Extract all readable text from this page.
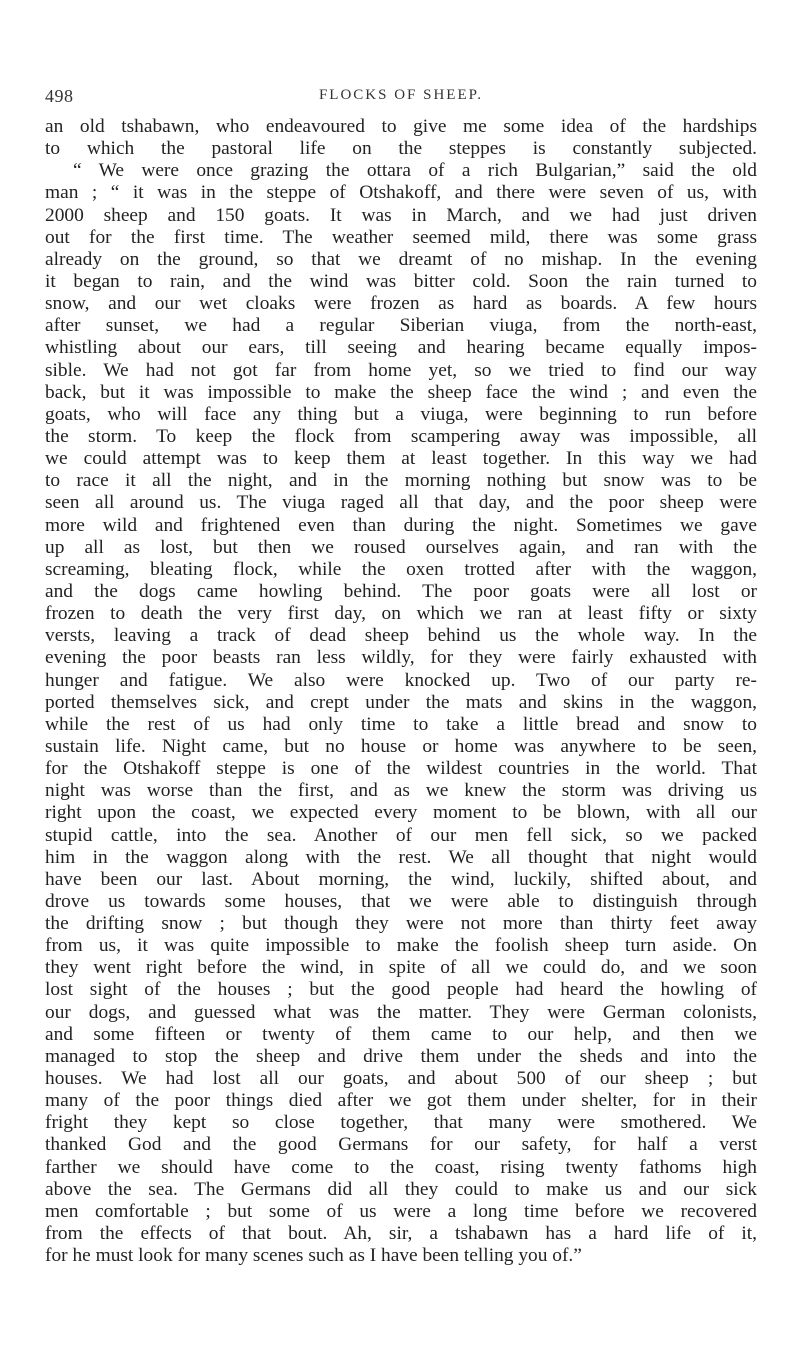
498	FLOCKS OF SHEEP.
an old tshabawn, who endeavoured to give me some idea of the hardships
to which the pastoral life on the steppes is constantly subjected.
“ We were once grazing the ottara of a rich Bulgarian,” said the old
man ; “ it was in the steppe of Otshakoff, and there were seven of us, with
2000 sheep and 150 goats. It was in March, and we had just driven
out for the first time. The weather seemed mild, there was some grass
already on the ground, so that we dreamt of no mishap. In the evening
it began to rain, and the wind was bitter cold. Soon the rain turned to
snow, and our wet cloaks were frozen as hard as boards. A few hours
after sunset, we had a regular Siberian viuga, from the north-east,
whistling about our ears, till seeing and hearing became equally impos-
sible. We had not got far from home yet, so we tried to find our way
back, but it was impossible to make the sheep face the wind ; and even the
goats, who will face any thing but a viuga, were beginning to run before
the storm. To keep the flock from scampering away was impossible, all
we could attempt was to keep them at least together. In this way we had
to race it all the night, and in the morning nothing but snow was to be
seen all around us. The viuga raged all that day, and the poor sheep were
more wild and frightened even than during the night. Sometimes we gave
up all as lost, but then we roused ourselves again, and ran with the
screaming, bleating flock, while the oxen trotted after with the waggon,
and the dogs came howling behind. The poor goats were all lost or
frozen to death the very first day, on which we ran at least fifty or sixty
versts, leaving a track of dead sheep behind us the whole way. In the
evening the poor beasts ran less wildly, for they were fairly exhausted with
hunger and fatigue. We also were knocked up. Two of our party re-
ported themselves sick, and crept under the mats and skins in the waggon,
while the rest of us had only time to take a little bread and snow to
sustain life. Night came, but no house or home was anywhere to be seen,
for the Otshakoff steppe is one of the wildest countries in the world. That
night was worse than the first, and as we knew the storm was driving us
right upon the coast, we expected every moment to be blown, with all our
stupid cattle, into the sea. Another of our men fell sick, so we packed
him in the waggon along with the rest. We all thought that night would
have been our last. About morning, the wind, luckily, shifted about, and
drove us towards some houses, that we were able to distinguish through
the drifting snow ; but though they were not more than thirty feet away
from us, it was quite impossible to make the foolish sheep turn aside. On
they went right before the wind, in spite of all we could do, and we soon
lost sight of the houses ; but the good people had heard the howling of
our dogs, and guessed what was the matter. They were German colonists,
and some fifteen or twenty of them came to our help, and then we
managed to stop the sheep and drive them under the sheds and into the
houses. We had lost all our goats, and about 500 of our sheep ; but
many of the poor things died after we got them under shelter, for in their
fright they kept so close together, that many were smothered. We
thanked God and the good Germans for our safety, for half a verst
farther we should have come to the coast, rising twenty fathoms high
above the sea. The Germans did all they could to make us and our sick
men comfortable ; but some of us were a long time before we recovered
from the effects of that bout. Ah, sir, a tshabawn has a hard life of it,
for he must look for many scenes such as I have been telling you of.”
